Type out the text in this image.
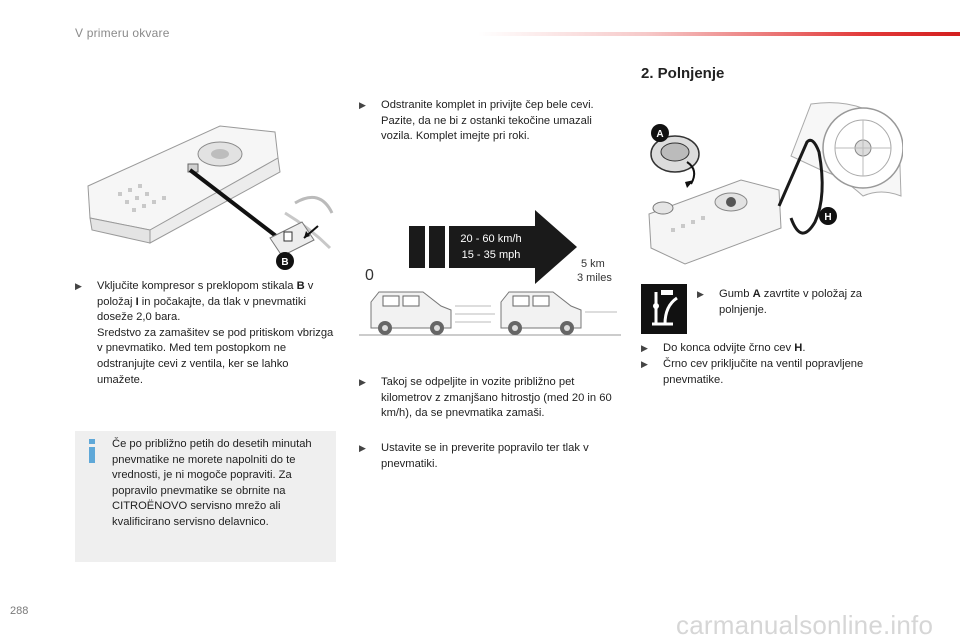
V primeru okvare
B
▶	Vključite kompresor s preklopom stikala B v položaj I in počakajte, da tlak v pnevmatiki doseže 2,0 bara.
Sredstvo za zamašitev se pod pritiskom vbrizga v pnevmatiko. Med tem postopkom ne odstranjujte cevi z ventila, ker se lahko umažete.

Če po približno petih do desetih minutah pnevmatike ne morete napolniti do te vrednosti, je ni mogoče popraviti. Za popravilo pnevmatike se obrnite na CITROËNOVO servisno mrežo ali kvalificirano servisno delavnico.
▶	Odstranite komplet in privijte čep bele cevi. Pazite, da ne bi z ostanki tekočine umazali vozila. Komplet imejte pri roki.

20 - 60 km/h
15 - 35 mph
0
5 km
3 miles
▶	Takoj se odpeljite in vozite približno pet kilometrov z zmanjšano hitrostjo (med 20 in 60 km/h), da se pnevmatika zamaši.

▶	Ustavite se in preverite popravilo ter tlak v pnevmatiki.

2. Polnjenje
A
H
▶	Gumb A zavrtite v položaj za polnjenje.

▶	Do konca odvijte črno cev H.

▶	Črno cev priključite na ventil popravljene pnevmatike.

288	carmanualsonline.info
